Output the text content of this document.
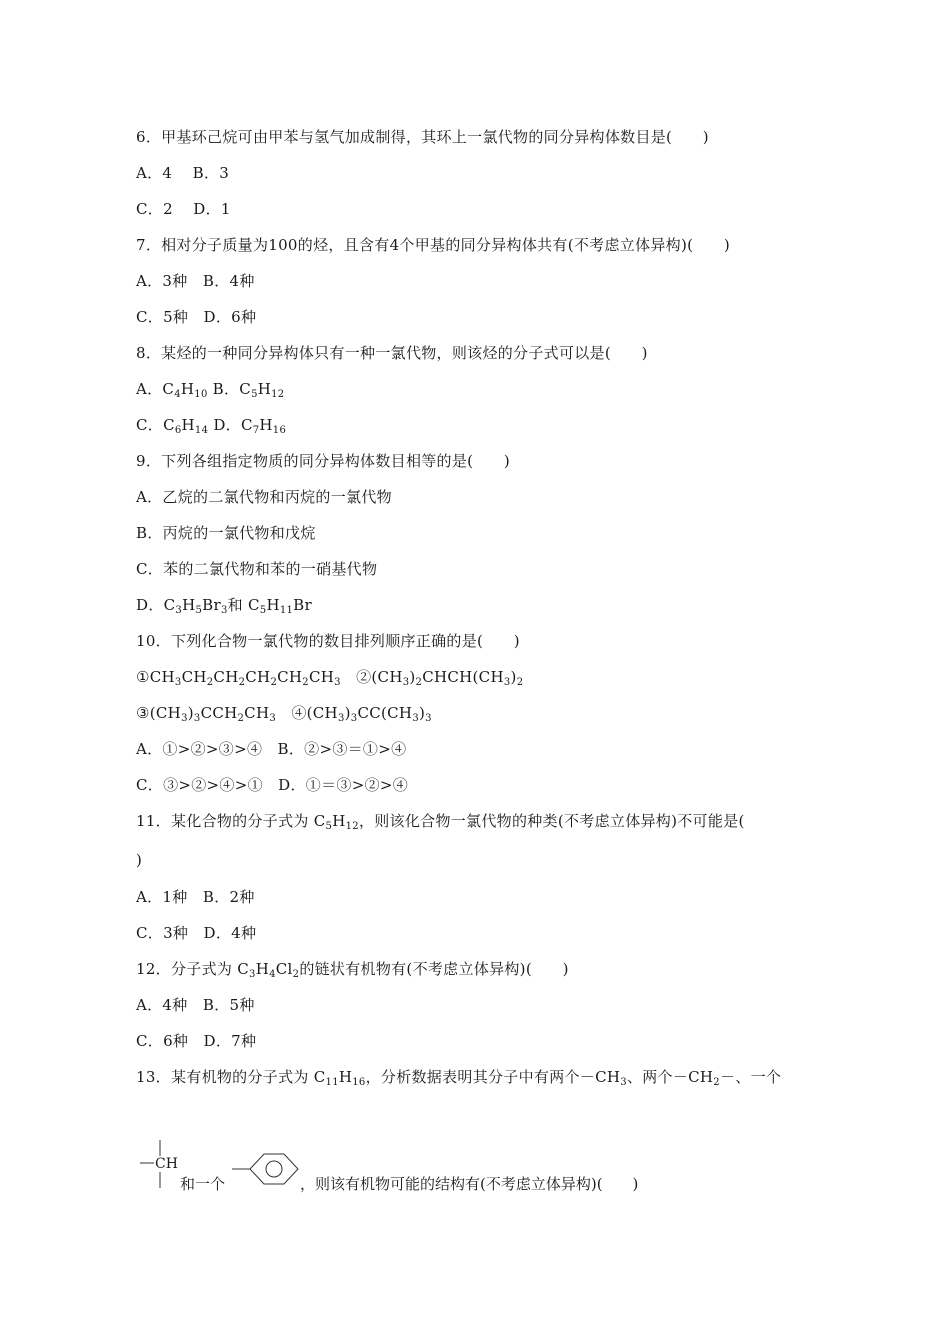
6．甲基环己烷可由甲苯与氢气加成制得，其环上一氯代物的同分异构体数目是(　　)
A．4　 B．3
C．2　 D．1
7．相对分子质量为100的烃，且含有4个甲基的同分异构体共有(不考虑立体异构)(　　)
A．3种　B．4种
C．5种　D．6种
8．某烃的一种同分异构体只有一种一氯代物，则该烃的分子式可以是(　　)
A．$C_4H_{10}$ B．$C_5H_{12}$
C．$C_6H_{14}$ D．$C_7H_{16}$
9．下列各组指定物质的同分异构体数目相等的是(　　)
A．乙烷的二氯代物和丙烷的一氯代物
B．丙烷的一氯代物和戊烷
C．苯的二氯代物和苯的一硝基代物
D．$C_3H_5Br_3$和 $C_5H_{11}Br$
10．下列化合物一氯代物的数目排列顺序正确的是(　　)
$①CH_3CH_2CH_2CH_2CH_2CH_3$　$②(CH_3)_2CHCH(CH_3)_2$
$③(CH_3)_3CCH_2CH_3$　$④(CH_3)_3CC(CH_3)_3$
A．①>②>③>④　B．②>③＝①>④
C．③>②>④>①　D．①＝③>②>④
11．某化合物的分子式为 $C_5H_{12}$，则该化合物一氯代物的种类(不考虑立体异构)不可能是(
)
A．1种　B．2种
C．3种　D．4种
12．分子式为 $C_3H_4Cl_2$的链状有机物有(不考虑立体异构)(　　)
A．4种　B．5种
C．6种　D．7种
13．某有机物的分子式为 $C_{11}H_{16}$，分析数据表明其分子中有两个$-CH_3$、两个$-CH_2-$、一个
CH
和一个	，则该有机物可能的结构有(不考虑立体异构)(　　)
